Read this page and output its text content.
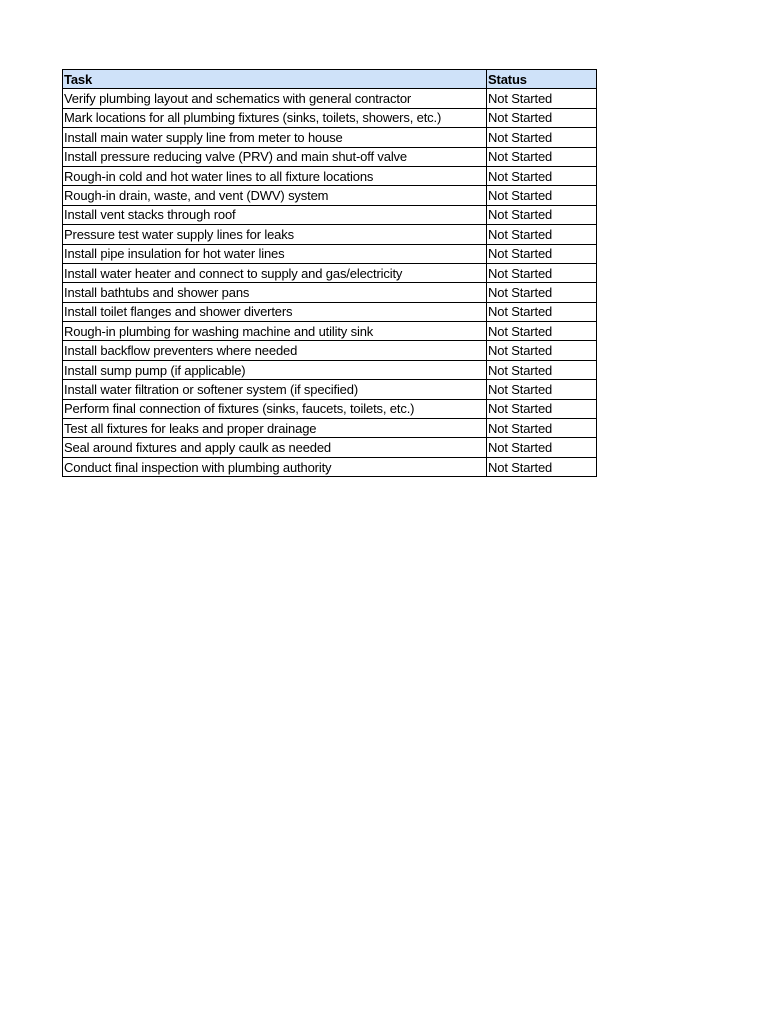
Task	Status
Verify plumbing layout and schematics with general contractor	Not Started
Mark locations for all plumbing fixtures (sinks, toilets, showers, etc.)	Not Started
Install main water supply line from meter to house	Not Started
Install pressure reducing valve (PRV) and main shut-off valve	Not Started
Rough-in cold and hot water lines to all fixture locations	Not Started
Rough-in drain, waste, and vent (DWV) system	Not Started
Install vent stacks through roof	Not Started
Pressure test water supply lines for leaks	Not Started
Install pipe insulation for hot water lines	Not Started
Install water heater and connect to supply and gas/electricity	Not Started
Install bathtubs and shower pans	Not Started
Install toilet flanges and shower diverters	Not Started
Rough-in plumbing for washing machine and utility sink	Not Started
Install backflow preventers where needed	Not Started
Install sump pump (if applicable)	Not Started
Install water filtration or softener system (if specified)	Not Started
Perform final connection of fixtures (sinks, faucets, toilets, etc.)	Not Started
Test all fixtures for leaks and proper drainage	Not Started
Seal around fixtures and apply caulk as needed	Not Started
Conduct final inspection with plumbing authority	Not Started
